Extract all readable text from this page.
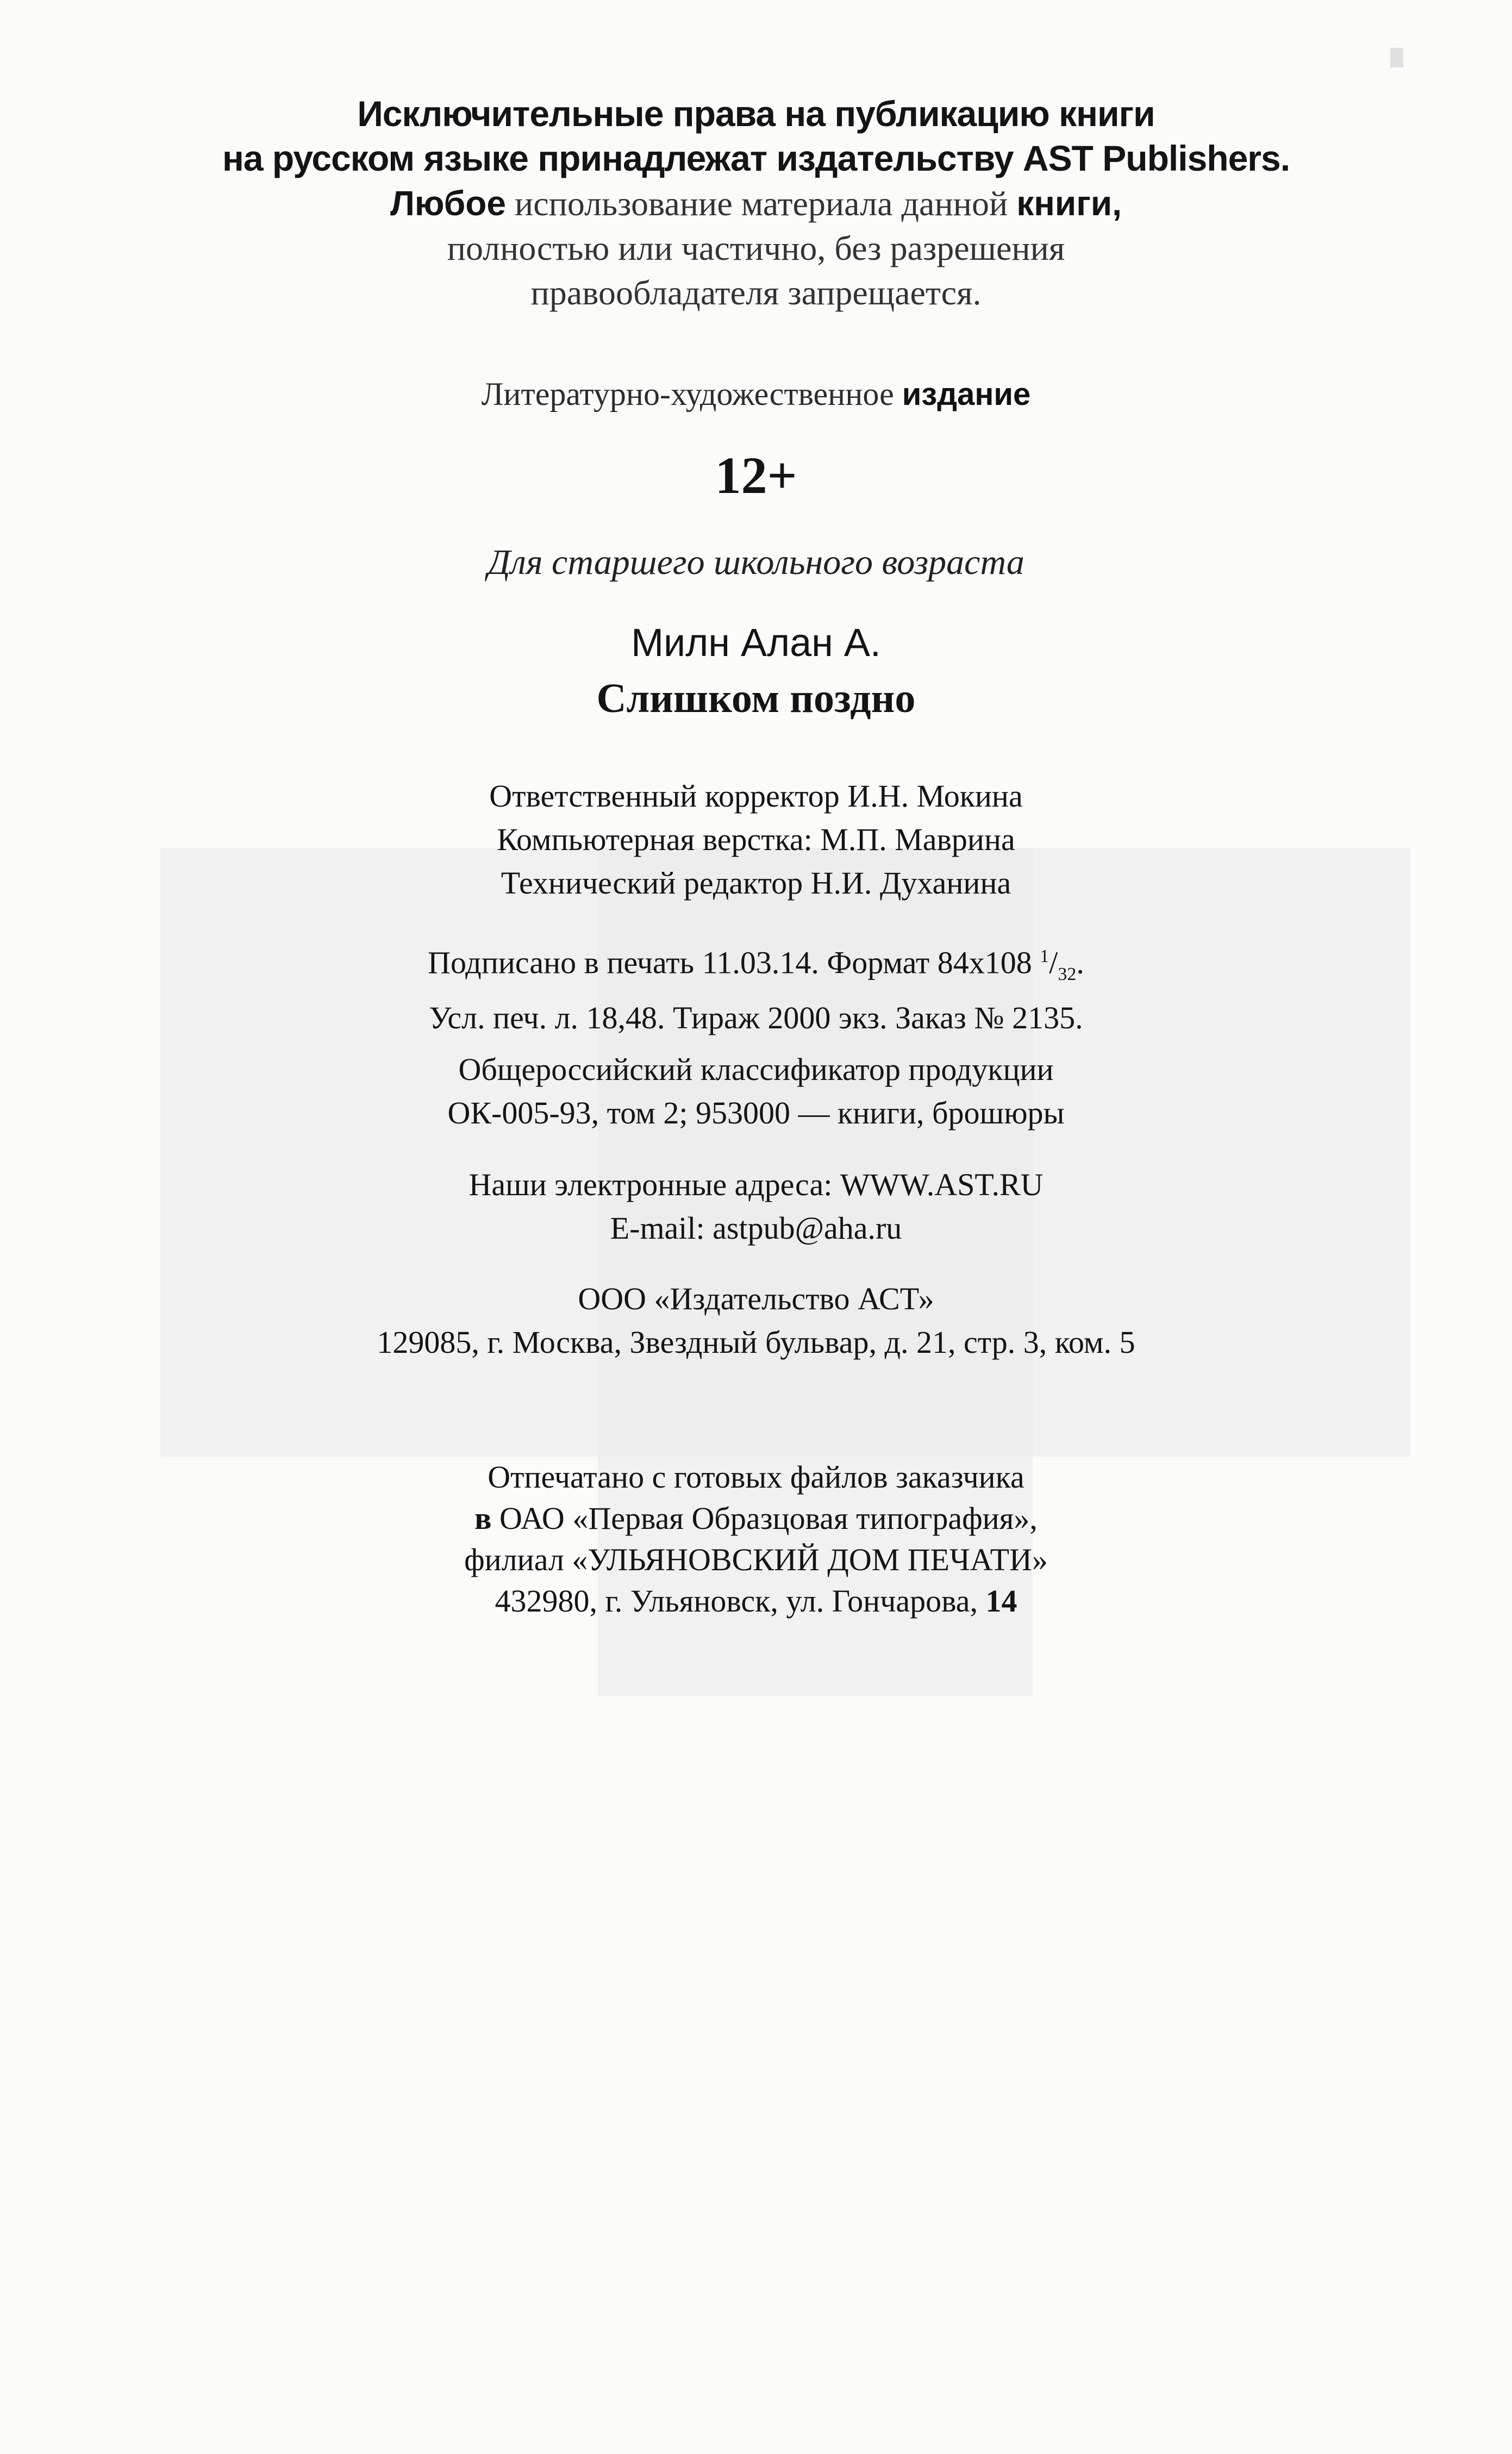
Исключительные права на публикацию книги
на русском языке принадлежат издательству AST Publishers.
Любое использование материала данной книги,
полностью или частично, без разрешения
правообладателя запрещается.
Литературно-художественное издание
12+
Для старшего школьного возраста
Милн Алан А.
Слишком поздно
Ответственный корректор И.Н. Мокина
Компьютерная верстка: М.П. Маврина
Технический редактор Н.И. Духанина
Подписано в печать 11.03.14. Формат 84x108 $^1/_{32}$.
Усл. печ. л. 18,48. Тираж 2000 экз. Заказ № 2135.
Общероссийский классификатор продукции
ОК-005-93, том 2; 953000 — книги, брошюры
Наши электронные адреса: WWW.AST.RU
E-mail: astpub@aha.ru
ООО «Издательство АСТ»
129085, г. Москва, Звездный бульвар, д. 21, стр. 3, ком. 5
Отпечатано с готовых файлов заказчика
в ОАО «Первая Образцовая типография»,
филиал «УЛЬЯНОВСКИЙ ДОМ ПЕЧАТИ»
432980, г. Ульяновск, ул. Гончарова, 14
